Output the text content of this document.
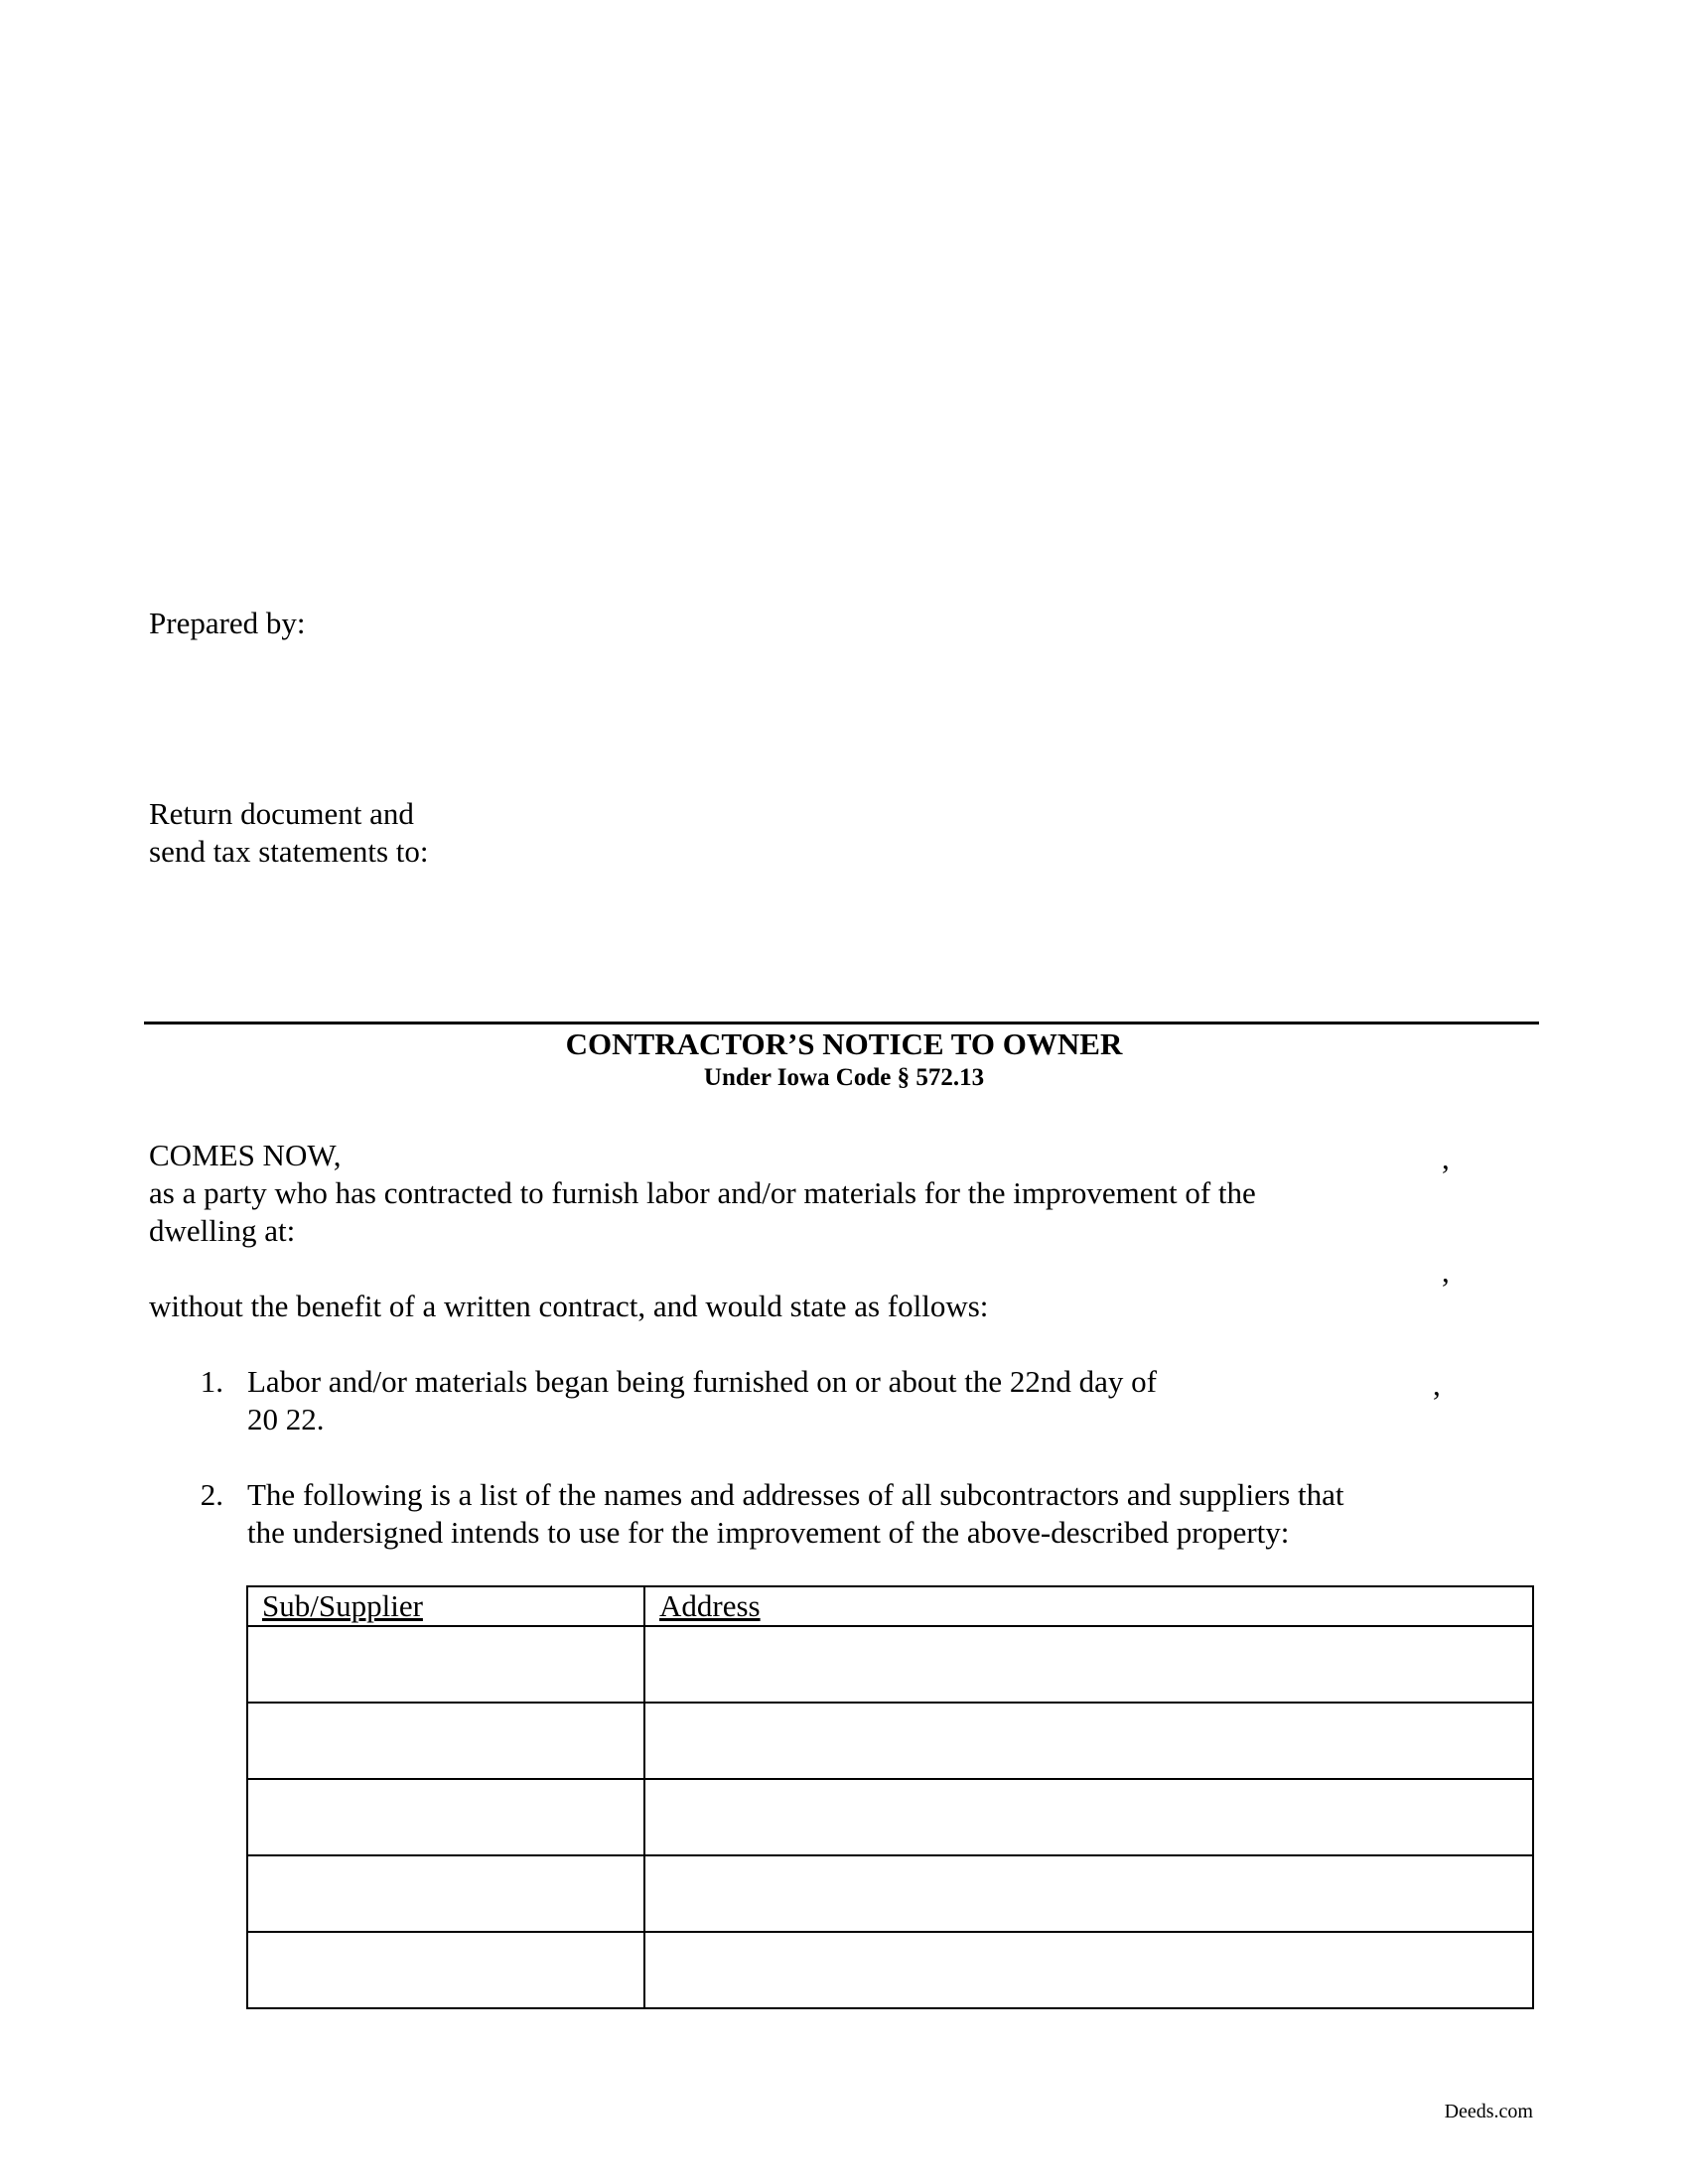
Prepared by:
Return document and
send tax statements to:
CONTRACTOR’S NOTICE TO OWNER
Under Iowa Code § 572.13
COMES NOW,	,
as a party who has contracted to furnish labor and/or materials for the improvement of the
dwelling at:
,
without the benefit of a written contract, and would state as follows:
1. Labor and/or materials began being furnished on or about the 22nd day of	,
20 22.
2. The following is a list of the names and addresses of all subcontractors and suppliers that
the undersigned intends to use for the improvement of the above-described property:
Sub/Supplier	Address

Deeds.com
